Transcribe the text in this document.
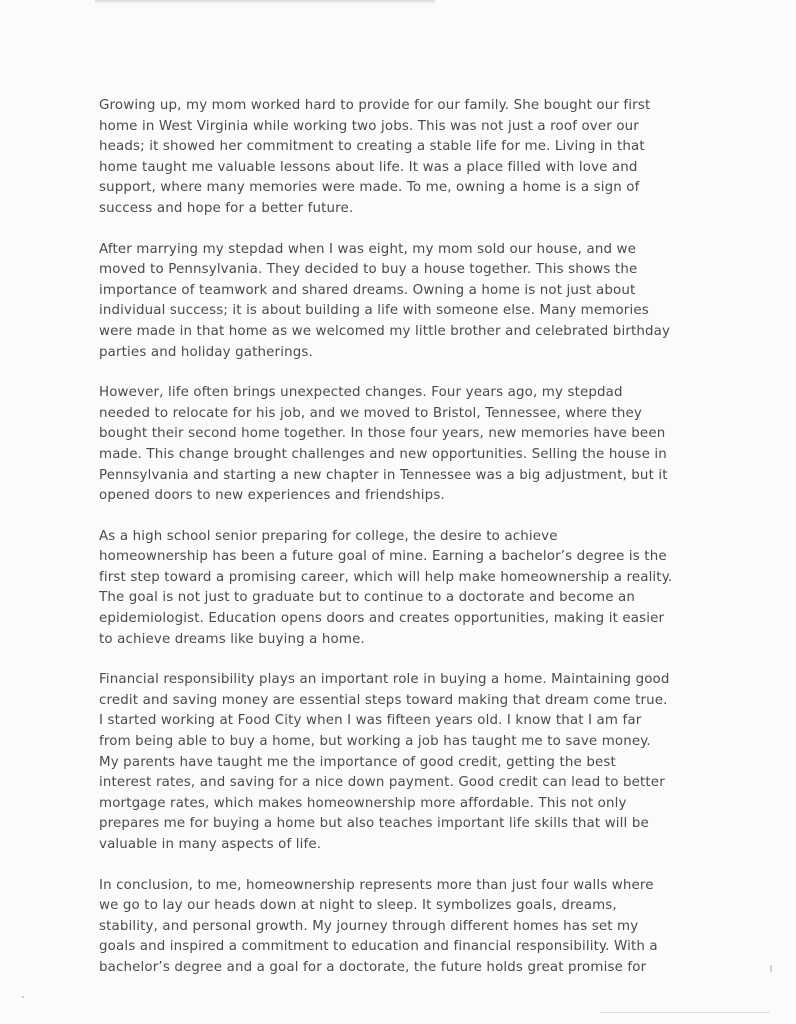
Growing up, my mom worked hard to provide for our family. She bought our first
home in West Virginia while working two jobs. This was not just a roof over our
heads; it showed her commitment to creating a stable life for me. Living in that
home taught me valuable lessons about life. It was a place filled with love and
support, where many memories were made. To me, owning a home is a sign of
success and hope for a better future.

After marrying my stepdad when I was eight, my mom sold our house, and we
moved to Pennsylvania. They decided to buy a house together. This shows the
importance of teamwork and shared dreams. Owning a home is not just about
individual success; it is about building a life with someone else. Many memories
were made in that home as we welcomed my little brother and celebrated birthday
parties and holiday gatherings.

However, life often brings unexpected changes. Four years ago, my stepdad
needed to relocate for his job, and we moved to Bristol, Tennessee, where they
bought their second home together. In those four years, new memories have been
made. This change brought challenges and new opportunities. Selling the house in
Pennsylvania and starting a new chapter in Tennessee was a big adjustment, but it
opened doors to new experiences and friendships.

As a high school senior preparing for college, the desire to achieve
homeownership has been a future goal of mine. Earning a bachelor’s degree is the
first step toward a promising career, which will help make homeownership a reality.
The goal is not just to graduate but to continue to a doctorate and become an
epidemiologist. Education opens doors and creates opportunities, making it easier
to achieve dreams like buying a home.

Financial responsibility plays an important role in buying a home. Maintaining good
credit and saving money are essential steps toward making that dream come true.
I started working at Food City when I was fifteen years old. I know that I am far
from being able to buy a home, but working a job has taught me to save money.
My parents have taught me the importance of good credit, getting the best
interest rates, and saving for a nice down payment. Good credit can lead to better
mortgage rates, which makes homeownership more affordable. This not only
prepares me for buying a home but also teaches important life skills that will be
valuable in many aspects of life.

In conclusion, to me, homeownership represents more than just four walls where
we go to lay our heads down at night to sleep. It symbolizes goals, dreams,
stability, and personal growth. My journey through different homes has set my
goals and inspired a commitment to education and financial responsibility. With a
bachelor’s degree and a goal for a doctorate, the future holds great promise for
